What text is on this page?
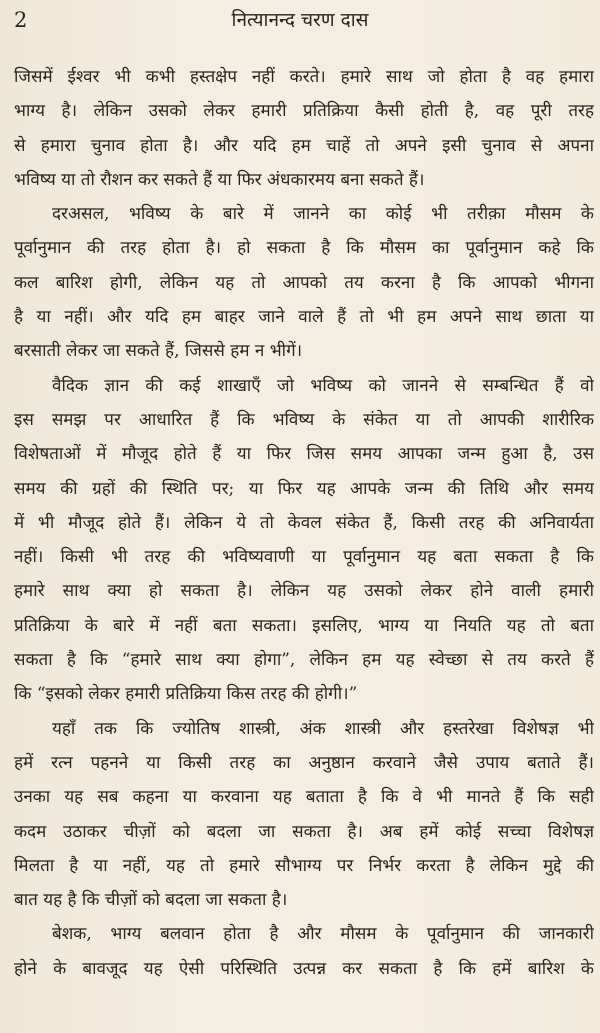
2	नित्यानन्द चरण दास
जिसमें ईश्वर भी कभी हस्तक्षेप नहीं करते। हमारे साथ जो होता है वह हमारा
भाग्य है। लेकिन उसको लेकर हमारी प्रतिक्रिया कैसी होती है, वह पूरी तरह
से हमारा चुनाव होता है। और यदि हम चाहें तो अपने इसी चुनाव से अपना
भविष्य या तो रौशन कर सकते हैं या फिर अंधकारमय बना सकते हैं।
दरअसल, भविष्य के बारे में जानने का कोई भी तरीक़ा मौसम के
पूर्वानुमान की तरह होता है। हो सकता है कि मौसम का पूर्वानुमान कहे कि
कल बारिश होगी, लेकिन यह तो आपको तय करना है कि आपको भीगना
है या नहीं। और यदि हम बाहर जाने वाले हैं तो भी हम अपने साथ छाता या
बरसाती लेकर जा सकते हैं, जिससे हम न भीगें।
वैदिक ज्ञान की कई शाखाएँ जो भविष्य को जानने से सम्बन्धित हैं वो
इस समझ पर आधारित हैं कि भविष्य के संकेत या तो आपकी शारीरिक
विशेषताओं में मौजूद होते हैं या फिर जिस समय आपका जन्म हुआ है, उस
समय की ग्रहों की स्थिति पर; या फिर यह आपके जन्म की तिथि और समय
में भी मौजूद होते हैं। लेकिन ये तो केवल संकेत हैं, किसी तरह की अनिवार्यता
नहीं। किसी भी तरह की भविष्यवाणी या पूर्वानुमान यह बता सकता है कि
हमारे साथ क्या हो सकता है। लेकिन यह उसको लेकर होने वाली हमारी
प्रतिक्रिया के बारे में नहीं बता सकता। इसलिए, भाग्य या नियति यह तो बता
सकता है कि “हमारे साथ क्या होगा”, लेकिन हम यह स्वेच्छा से तय करते हैं
कि “इसको लेकर हमारी प्रतिक्रिया किस तरह की होगी।”
यहाँ तक कि ज्योतिष शास्त्री, अंक शास्त्री और हस्तरेखा विशेषज्ञ भी
हमें रत्न पहनने या किसी तरह का अनुष्ठान करवाने जैसे उपाय बताते हैं।
उनका यह सब कहना या करवाना यह बताता है कि वे भी मानते हैं कि सही
कदम उठाकर चीज़ों को बदला जा सकता है। अब हमें कोई सच्चा विशेषज्ञ
मिलता है या नहीं, यह तो हमारे सौभाग्य पर निर्भर करता है लेकिन मुद्दे की
बात यह है कि चीज़ों को बदला जा सकता है।
बेशक, भाग्य बलवान होता है और मौसम के पूर्वानुमान की जानकारी
होने के बावजूद यह ऐसी परिस्थिति उत्पन्न कर सकता है कि हमें बारिश के
